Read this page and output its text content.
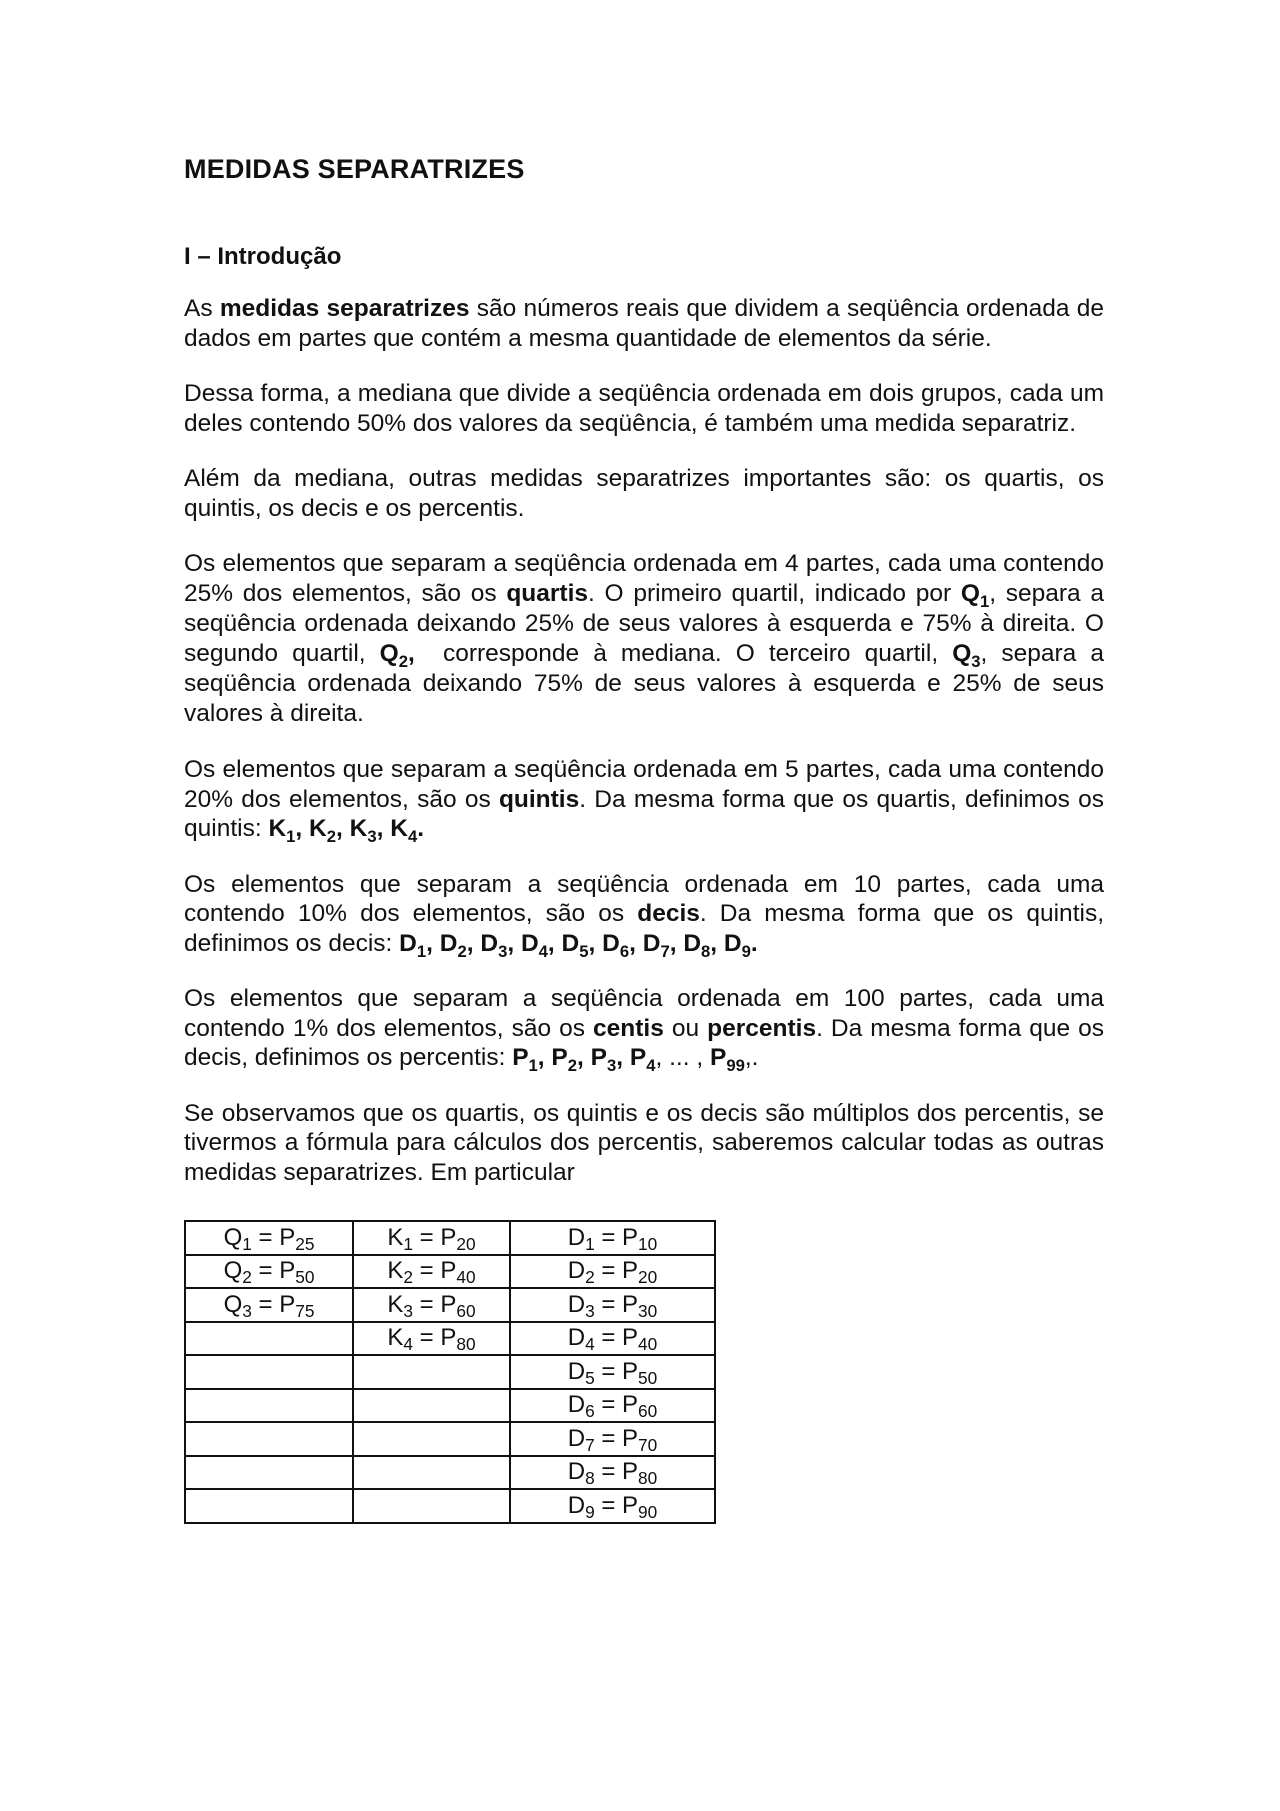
MEDIDAS SEPARATRIZES
I – Introdução

As medidas separatrizes são números reais que dividem a seqüência ordenada de dados em partes que contém a mesma quantidade de elementos da série.

Dessa forma, a mediana que divide a seqüência ordenada em dois grupos, cada um deles contendo 50% dos valores da seqüência, é também uma medida separatriz.

Além da mediana, outras medidas separatrizes importantes são: os quartis, os quintis, os decis e os percentis.

Os elementos que separam a seqüência ordenada em 4 partes, cada uma contendo 25% dos elementos, são os quartis. O primeiro quartil, indicado por $Q_1$, separa a seqüência ordenada deixando 25% de seus valores à esquerda e 75% à direita. O segundo quartil, $Q_2$, corresponde à mediana. O terceiro quartil, $Q_3$, separa a seqüência ordenada deixando 75% de seus valores à esquerda e 25% de seus valores à direita.

Os elementos que separam a seqüência ordenada em 5 partes, cada uma contendo 20% dos elementos, são os quintis. Da mesma forma que os quartis, definimos os quintis: $K_1$, $K_2$, $K_3$, $K_4$.

Os elementos que separam a seqüência ordenada em 10 partes, cada uma contendo 10% dos elementos, são os decis. Da mesma forma que os quintis, definimos os decis: $D_1$, $D_2$, $D_3$, $D_4$, $D_5$, $D_6$, $D_7$, $D_8$, $D_9$.

Os elementos que separam a seqüência ordenada em 100 partes, cada uma contendo 1% dos elementos, são os centis ou percentis. Da mesma forma que os decis, definimos os percentis: $P_1$, $P_2$, $P_3$, $P_4$, ... , $P_{99}$,.

Se observamos que os quartis, os quintis e os decis são múltiplos dos percentis, se tivermos a fórmula para cálculos dos percentis, saberemos calcular todas as outras medidas separatrizes. Em particular

$Q_1 = P_{25}$	$K_1 = P_{20}$	$D_1 = P_{10}$
$Q_2 = P_{50}$	$K_2 = P_{40}$	$D_2 = P_{20}$
$Q_3 = P_{75}$	$K_3 = P_{60}$	$D_3 = P_{30}$
	$K_4 = P_{80}$	$D_4 = P_{40}$
		$D_5 = P_{50}$
		$D_6 = P_{60}$
		$D_7 = P_{70}$
		$D_8 = P_{80}$
		$D_9 = P_{90}$
